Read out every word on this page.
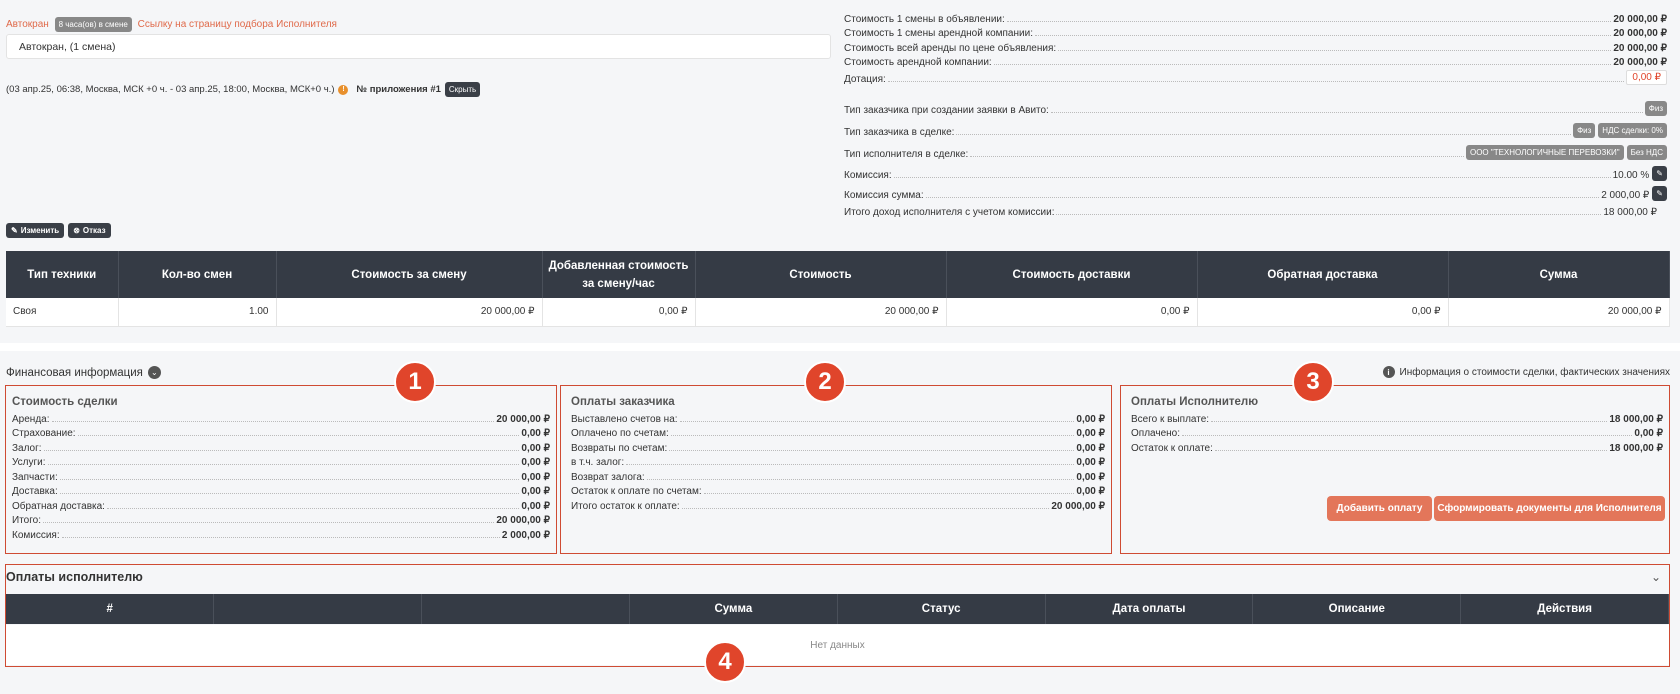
Автокран 8 часа(ов) в смене Ссылку на страницу подбора Исполнителя
Автокран, (1 смена)
(03 апр.25, 06:38, Москва, МСК +0 ч. - 03 апр.25, 18:00, Москва, МСК+0 ч.)	!	№ приложения #1	Скрыть
✎ Изменить ⊗ Отказ
Стоимость 1 смены в объявлении:	20 000,00 ₽
Стоимость 1 смены арендной компании:	20 000,00 ₽
Стоимость всей аренды по цене объявления:	20 000,00 ₽
Стоимость арендной компании:	20 000,00 ₽
Дотация:	0,00 ₽
Тип заказчика при создании заявки в Авито:	Физ
Тип заказчика в сделке:	Физ	НДС сделки: 0%
Тип исполнителя в сделке:	ООО "ТЕХНОЛОГИЧНЫЕ ПЕРЕВОЗКИ"	Без НДС
Комиссия:	10.00 % ✎
Комиссия сумма:	2 000,00 ₽ ✎
Итого доход исполнителя с учетом комиссии:	18 000,00 ₽
Тип техники	Кол-во смен	Стоимость за смену	Добавленная стоимость за смену/час	Стоимость	Стоимость доставки	Обратная доставка	Сумма
Своя	1.00	20 000,00 ₽	0,00 ₽	20 000,00 ₽	0,00 ₽	0,00 ₽	20 000,00 ₽
Финансовая информация	⌄	i Информация о стоимости сделки, фактических значениях
Стоимость сделки
Аренда:	20 000,00 ₽
Страхование:	0,00 ₽
Залог:	0,00 ₽
Услуги:	0,00 ₽
Запчасти:	0,00 ₽
Доставка:	0,00 ₽
Обратная доставка:	0,00 ₽
Итого:	20 000,00 ₽
Комиссия:	2 000,00 ₽
Оплаты заказчика
Выставлено счетов на:	0,00 ₽
Оплачено по счетам:	0,00 ₽
Возвраты по счетам:	0,00 ₽
в т.ч. залог:	0,00 ₽
Возврат залога:	0,00 ₽
Остаток к оплате по счетам:	0,00 ₽
Итого остаток к оплате:	20 000,00 ₽
Оплаты Исполнителю
Всего к выплате:	18 000,00 ₽
Оплачено:	0,00 ₽
Остаток к оплате:	18 000,00 ₽
Добавить оплату	Сформировать документы для Исполнителя
Оплаты исполнителю	⌄
#			Сумма	Статус	Дата оплаты	Описание	Действия
Нет данных
1	2	3
4
